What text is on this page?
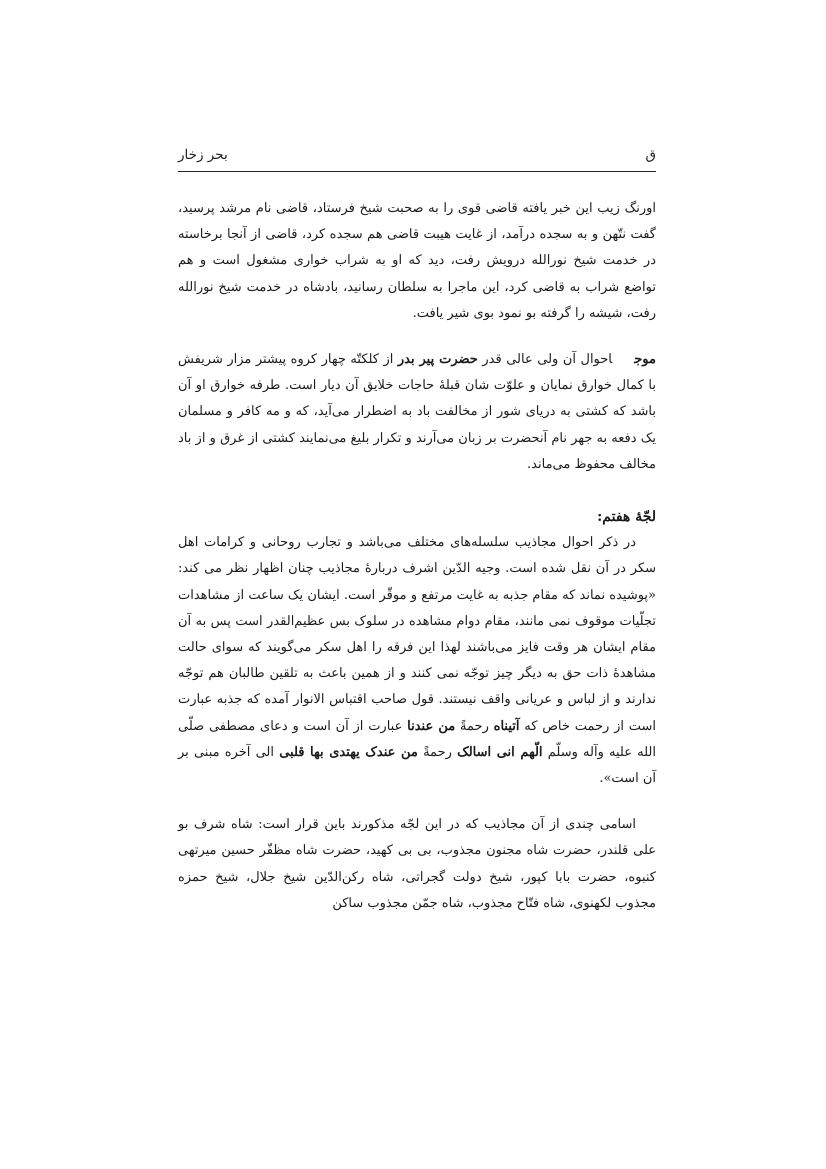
ق
بحر زخار

اورنگ زیب این خبر یافته قاضی قوی را به صحبت شیخ فرستاد، قاضی نام مرشد پرسید، گفت نتّهن و به سجده درآمد، از غایت هیبت قاضی هم سجده کرد، قاضی از آنجا برخاسته در خدمت شیخ نورالله درویش رفت، دید که او به شراب خواری مشغول است و هم تواضع شراب به قاضی کرد، این ماجرا به سلطان رسانید، بادشاه در خدمت شیخ نورالله رفت، شیشه را گرفته بو نمود بوی شیر یافت.

موجاحوال آن ولی عالی قدر حضرت پیر بدر از کلکتّه چهار کروه پیشتر مزار شریفش با کمال خوارق نمایان و علوّت شان قبلهٔ حاجات خلایق آن دیار است. طرفه خوارق او آن باشد که کشتی به دریای شور از مخالفت باد به اضطرار می‌آید، که و مه کافر و مسلمان یک دفعه به جهر نام آنحضرت بر زبان می‌آرند و تکرار بلیغ می‌نمایند کشتی از غرق و از باد مخالف محفوظ می‌ماند.

لجّهٔ هفتم:

در ذکر احوال مجاذیب سلسله‌های مختلف می‌باشد و تجارب روحانی و کرامات اهل سکر در آن نقل شده است. وجیه الدّین اشرف دربارهٔ مجاذیب چنان اظهار نظر می کند: «پوشیده نماند که مقام جذبه به غایت مرتفع و موقّر است. ایشان یک ساعت از مشاهدات تجلّیات موقوف نمی مانند، مقام دوام مشاهده در سلوک بس عظیم‌القدر است پس به آن مقام ایشان هر وقت فایز می‌باشند لهذا این فرقه را اهل سکر می‌گویند که سوای حالت مشاهدهٔ ذات حق به دیگر چیز توجّه نمی کنند و از همین باعث به تلقین طالبان هم توجّه ندارند و از لباس و عریانی واقف نیستند. قول صاحب اقتباس الانوار آمده که جذبه عبارت است از رحمت خاص که آتیناه رحمةً من عندنا عبارت از آن است و دعای مصطفی صلّی الله علیه وآله وسلّم الّهم انی اسالک رحمةً من عندک یهتدی بها قلبی الی آخره مبنی بر آن است».

اسامی چندی از آن مجاذیب که در این لجّه مذکورند باین قرار است: شاه شرف بو علی قلندر، حضرت شاه مجنون مجذوب، بی بی کهید، حضرت شاه مظفّر حسین میرتهی کنبوه، حضرت بابا کپور، شیخ دولت گجراتی، شاه رکن‌الدّین شیخ جلال، شیخ حمزه مجذوب لکهنوی، شاه فتّاح مجذوب، شاه جمّن مجذوب ساکن
